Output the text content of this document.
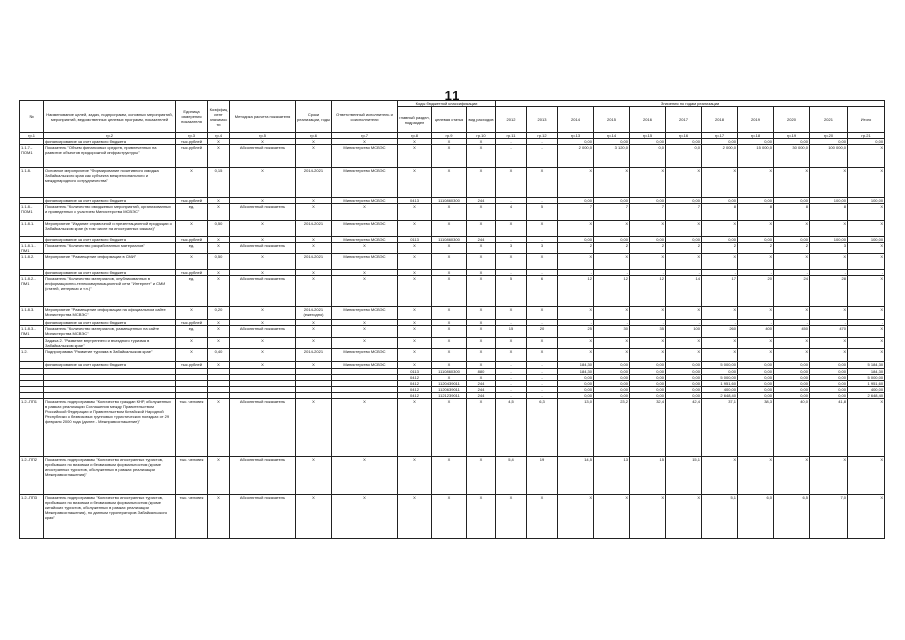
11
№	Наименование целей, задач, подпрограмм, основных мероприятий, мероприятий, ведомственных целевых программ, показателей	Единица измерения показателя	Коэффициент значимости	Методика расчета показателя	Сроки реализации, годы	Ответственный исполнитель и соисполнители	Коды бюджетной классификации			Значения по годам реализации										
							главный раздел, подраздел	целевая статья	вид расходов	2012	2013	2014	2015	2016	2017	2018	2019	2020	2021	Итого
гр.1	гр.2	гр.3	гр.4	гр.5	гр.6	гр.7	гр.8	гр.9	гр.10	гр.11	гр.12	гр.13	гр.14	гр.15	гр.16	гр.17	гр.18	гр.19	гр.20	гр.21
	финансирование за счет краевого бюджета	тыс.рублей	Х	Х	Х	Х	Х	Х	Х	-	-	0,00	0,00	0,00	0,00	0,00	0,00	0,00	0,00	0,00
1.1.7.-ПОМ1	Показатель "Объем финансовых средств, привлеченных на развитие объектов придорожной инфраструктуры"	тыс.рублей	Х	Абсолютный показатель	Х	Министерство МСВЭС	Х	Х	Х	-	-	2 000,0	3 120,0	0,0	0,0	2 000,0	15 000,0	30 000,0	100 000,0	Х
1.1.8.	Основное мероприятие "Формирование позитивного имиджа Забайкальского края как субъекта межрегионального и международного сотрудничества"	Х	0,15	Х	2014-2021	Министерство МСВЭС	Х	Х	Х	Х	Х	Х	Х	Х	Х	Х	Х	Х	Х	Х
	финансирование за счет краевого бюджета	тыс.рублей	Х	Х	Х	Министерство МСВЭС	0413	1110860300	244	-	-	0,00	0,00	0,00	0,00	0,00	0,00	0,00	100,00	100,00
1.1.8.-ПОМ1	Показатель "Количество имиджевых мероприятий, организованных и проведенных с участием Министерства МСВЭС"	ед.	Х	Абсолютный показатель	Х	Х	Х	Х	Х	4	5	7	7	7	7	8	8	8	8	Х
1.1.8.1.	Мероприятие "Издание справочной и презентационной продукции о Забайкальском крае (в том числе на иностранных языках)"	Х	0,50	Х	2014-2021	Министерство МСВЭС	Х	Х	Х	Х	Х	Х	Х	Х	Х	Х	Х	Х	Х	Х
	финансирование за счет краевого бюджета	тыс.рублей	Х	Х	Х	Министерство МСВЭС	0113	1110860300	244	-	-	0,00	0,00	0,00	0,00	0,00	0,00	0,00	100,00	100,00
1.1.8.1.-ПМ1	Показатель "Количество разработанных материалов"	ед.	Х	Абсолютный показатель	Х	Х	Х	Х	Х	3	3	2	2	2	2	2	2	2	3	Х
1.1.8.2.	Мероприятие "Размещение информации в СМИ"	Х	0,50	Х	2014-2021	Министерство МСВЭС	Х	Х	Х	Х	Х	Х	Х	Х	Х	Х	Х	Х	Х	Х
	финансирование за счет краевого бюджета	тыс.рублей	Х	Х	Х	Х	Х	Х	Х	-	-	-	-	-	-	-	-	-	-	-
1.1.8.2.-ПМ1	Показатель "Количество материалов, опубликованных в информационно-телекоммуникационной сети "Интернет" и СМИ (статей, интервью и т.п.)"	ед.	Х	Абсолютный показатель	Х	Х	Х	Х	Х	5	6	12	12	12	14	17	20	24	28	Х
1.1.8.3.	Мероприятие "Размещение информации на официальном сайте Министерства МСВЭС"	Х	0,20	Х	2014-2021 (ежегодно)	Министерство МСВЭС	Х	Х	Х	Х	Х	Х	Х	Х	Х	Х	Х	Х	Х	Х
	финансирование за счет краевого бюджета	тыс.рублей	Х	Х	Х	Х	Х	Х	Х	-	-	-	-	-	-	-	-	-	-	-
1.1.8.3.-ПМ1	Показатель "Количество материалов, размещенных на сайте Министерства МСВЭС"	ед.	Х	Абсолютный показатель	Х	Х	Х	Х	Х	15	20	25	30	35	100	260	400	450	470	Х
	Задача 2. "Развитие внутреннего и въездного туризма в Забайкальском крае"	Х	Х	Х	Х	Х	Х	Х	Х	Х	Х	Х	Х	Х	Х	Х	Х	Х	Х	Х
1.2.	Подпрограмма "Развитие туризма в Забайкальском крае"	Х	0,40	Х	2014-2021	Министерство МСВЭС	Х	Х	Х	Х	Х	Х	Х	Х	Х	Х	Х	Х	Х	Х
	финансирование за счет краевого бюджета	тыс.рублей	Х	Х	Х	Министерство МСВЭС	Х	Х	Х	-	-	184,30	0,00	0,00	0,00	5 000,00	0,00	0,00	0,00	5 184,30
							0113	1110860300	880	-	-	184,30	0,00	0,00	0,00	0,00	0,00	0,00	0,00	184,30
							0412	Х	Х	-	-	0,00	0,00	0,00	0,00	5 000,00	0,00	0,00	0,00	5 000,00
							0412	1120439011	244	-	-	0,00	0,00	0,00	0,00	1 951,60	0,00	0,00	0,00	1 951,60
							0412	1120639011	244	-	-	0,00	0,00	0,00	0,00	400,00	0,00	0,00	0,00	400,00
							0412	1121239011	244	-	-	0,00	0,00	0,00	0,00	2 648,40	0,00	0,00	0,00	2 648,40
1.2.-ПП1	Показатель подпрограммы "Количество граждан КНР, обслуженных в рамках реализации Соглашения между Правительством Российской Федерации и Правительством Китайской Народной Республики о безвизовых групповых туристических поездках от 29 февраля 2000 года (далее - Межправсоглашение)"	тыс. человек	Х	Абсолютный показатель	Х	Х	Х	Х	Х	4,5	6,3	13,0	23,2	32,4	42,4	37,1	38,3	40,0	41,8	Х
1.2.-ПП2	Показатель подпрограммы "Количество иностранных туристов, прибывших по визовым и безвизовым формальностям (кроме иностранных туристов, обслуженных в рамках реализации Межправсоглашения)"	тыс. человек	Х	Абсолютный показатель	Х	Х	Х	Х	Х	5,4	19	14,5	13	15	15,1	Х	Х	Х	Х	Х
1.2.-ПП3	Показатель подпрограммы "Количество иностранных туристов, прибывших по визовым и безвизовым формальностям (кроме китайских туристов, обслуженных в рамках реализации Межправсоглашения), по данным туроператоров Забайкальского края"	тыс. человек	Х	Абсолютный показатель	Х	Х	Х	Х	Х	Х	Х	Х	Х	Х	Х	5,1	6,0	6,5	7,0	Х
